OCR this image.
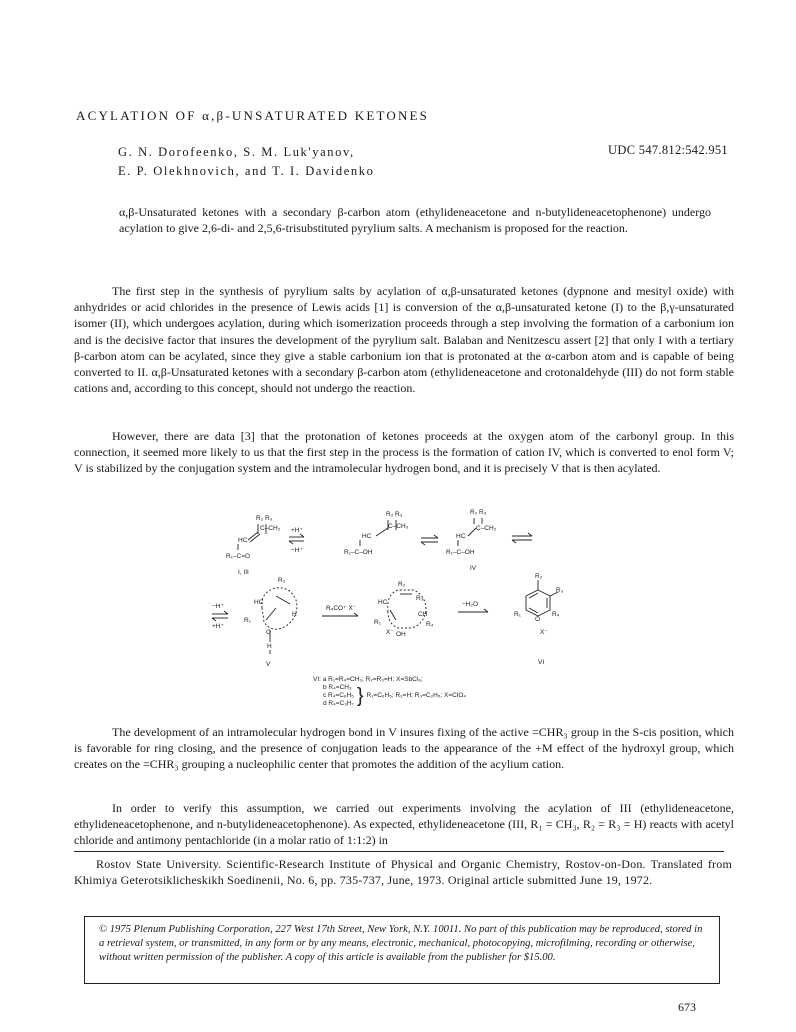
ACYLATION OF α,β-UNSATURATED KETONES
G. N. Dorofeenko, S. M. Luk'yanov,
E. P. Olekhnovich, and T. I. Davidenko
UDC 547.812:542.951
α,β-Unsaturated ketones with a secondary β-carbon atom (ethylideneacetone and n-butylideneacetophenone) undergo acylation to give 2,6-di- and 2,5,6-trisubstituted pyrylium salts. A mechanism is proposed for the reaction.

The first step in the synthesis of pyrylium salts by acylation of α,β-unsaturated ketones (dypnone and mesityl oxide) with anhydrides or acid chlorides in the presence of Lewis acids [1] is conversion of the α,β-unsaturated ketone (I) to the β,γ-unsaturated isomer (II), which undergoes acylation, during which isomerization proceeds through a step involving the formation of a carbonium ion and is the decisive factor that insures the development of the pyrylium salt. Balaban and Nenitzescu assert [2] that only I with a tertiary β-carbon atom can be acylated, since they give a stable carbonium ion that is protonated at the α-carbon atom and is capable of being converted to II. α,β-Unsaturated ketones with a secondary β-carbon atom (ethylideneacetone and crotonaldehyde (III) do not form stable cations and, according to this concept, should not undergo the reaction.

However, there are data [3] that the protonation of ketones proceeds at the oxygen atom of the carbonyl group. In this connection, it seemed more likely to us that the first step in the process is the formation of cation IV, which is converted to enol form V; V is stabilized by the conjugation system and the intramolecular hydrogen bond, and it is precisely V that is then acylated.

R₂ R₃
C–CH₂
HC
R₁–C=O
I, III
+H⁺
−H⁺
R₂ R₃
C–CH₃
HC
R₁–C–OH
R₂ R₃
C–CH₂
HC
R₁–C–OH
IV
−H⁺
+H⁺
R₃
HC
H
R₁
O
H
V
R₄CO⁺ X⁻
R₂
HC
R₃
CH
R₁
X⁻ OH
R₄
−H₂O
R₂
R₃
R₁
O
R₄
X⁻
VI
VI: a R₁=R₄=CH₃; R₂=R₃=H; X=SbCl₆;
b R₄=CH₃
c R₄=C₆H₅
d R₄=C₃H₇ } R₁=C₆H₅; R₂=H; R₃=C₂H₅; X=ClO₄

The development of an intramolecular hydrogen bond in V insures fixing of the active =CHR₃ group in the S-cis position, which is favorable for ring closing, and the presence of conjugation leads to the appearance of the +M effect of the hydroxyl group, which creates on the =CHR₃ grouping a nucleophilic center that promotes the addition of the acylium cation.

In order to verify this assumption, we carried out experiments involving the acylation of III (ethylideneacetone, ethylideneacetophenone, and n-butylideneacetophenone). As expected, ethylideneacetone (III, R₁ = CH₃, R₂ = R₃ = H) reacts with acetyl chloride and antimony pentachloride (in a molar ratio of 1:1:2) in

Rostov State University. Scientific-Research Institute of Physical and Organic Chemistry, Rostov-on-Don. Translated from Khimiya Geterotsiklicheskikh Soedinenii, No. 6, pp. 735-737, June, 1973. Original article submitted June 19, 1972.
© 1975 Plenum Publishing Corporation, 227 West 17th Street, New York, N.Y. 10011. No part of this publication may be reproduced, stored in a retrieval system, or transmitted, in any form or by any means, electronic, mechanical, photocopying, microfilming, recording or otherwise, without written permission of the publisher. A copy of this article is available from the publisher for $15.00.
673
